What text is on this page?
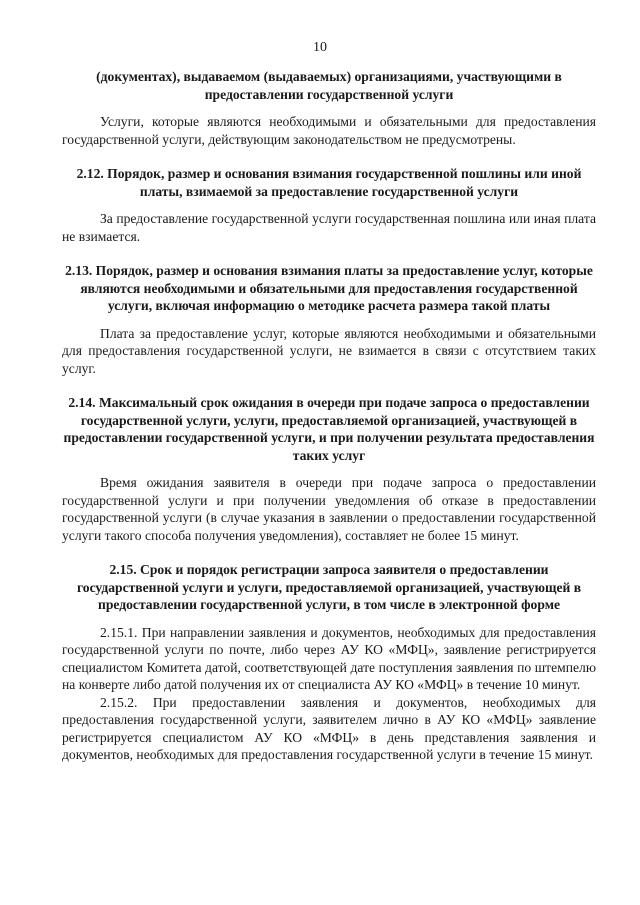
10

(документах), выдаваемом (выдаваемых) организациями, участвующими в предоставлении государственной услуги

Услуги, которые являются необходимыми и обязательными для предоставления государственной услуги, действующим законодательством не предусмотрены.

2.12. Порядок, размер и основания взимания государственной пошлины или иной платы, взимаемой за предоставление государственной услуги

За предоставление государственной услуги государственная пошлина или иная плата не взимается.

2.13. Порядок, размер и основания взимания платы за предоставление услуг, которые являются необходимыми и обязательными для предоставления государственной услуги, включая информацию о методике расчета размера такой платы

Плата за предоставление услуг, которые являются необходимыми и обязательными для предоставления государственной услуги, не взимается в связи с отсутствием таких услуг.

2.14. Максимальный срок ожидания в очереди при подаче запроса о предоставлении государственной услуги, услуги, предоставляемой организацией, участвующей в предоставлении государственной услуги, и при получении результата предоставления таких услуг

Время ожидания заявителя в очереди при подаче запроса о предоставлении государственной услуги и при получении уведомления об отказе в предоставлении государственной услуги (в случае указания в заявлении о предоставлении государственной услуги такого способа получения уведомления), составляет не более 15 минут.

2.15. Срок и порядок регистрации запроса заявителя о предоставлении государственной услуги и услуги, предоставляемой организацией, участвующей в предоставлении государственной услуги, в том числе в электронной форме

2.15.1. При направлении заявления и документов, необходимых для предоставления государственной услуги по почте, либо через АУ КО «МФЦ», заявление регистрируется специалистом Комитета датой, соответствующей дате поступления заявления по штемпелю на конверте либо датой получения их от специалиста АУ КО «МФЦ» в течение 10 минут.

2.15.2. При предоставлении заявления и документов, необходимых для предоставления государственной услуги, заявителем лично в АУ КО «МФЦ» заявление регистрируется специалистом АУ КО «МФЦ» в день представления заявления и документов, необходимых для предоставления государственной услуги в течение 15 минут.
